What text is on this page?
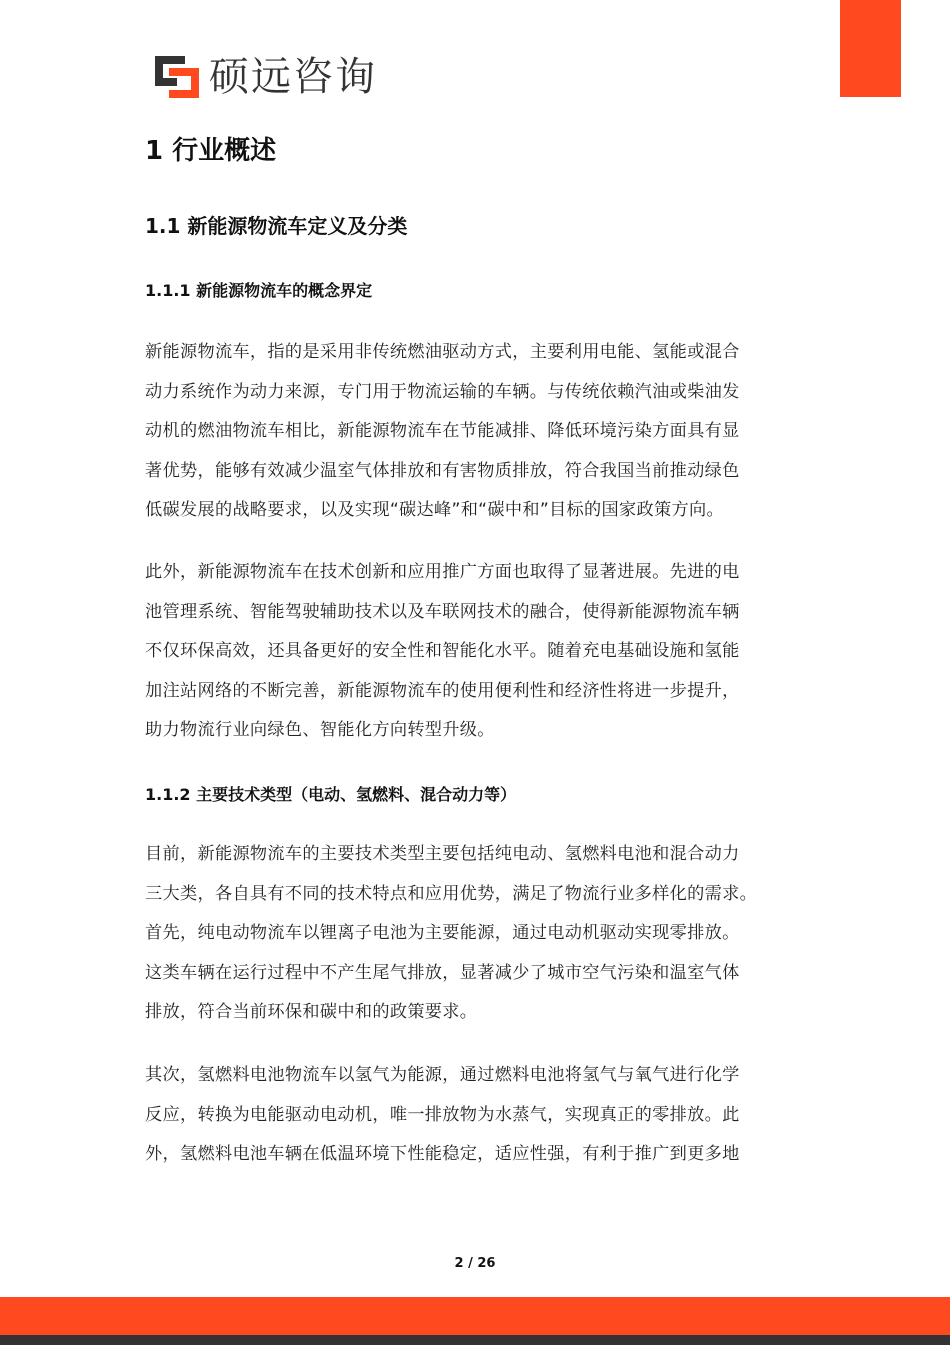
硕远咨询
1 行业概述
1.1 新能源物流车定义及分类
1.1.1 新能源物流车的概念界定
新能源物流车，指的是采用非传统燃油驱动方式，主要利用电能、氢能或混合
动力系统作为动力来源，专门用于物流运输的车辆。与传统依赖汽油或柴油发
动机的燃油物流车相比，新能源物流车在节能减排、降低环境污染方面具有显
著优势，能够有效减少温室气体排放和有害物质排放，符合我国当前推动绿色
低碳发展的战略要求，以及实现“碳达峰”和“碳中和”目标的国家政策方向。
此外，新能源物流车在技术创新和应用推广方面也取得了显著进展。先进的电
池管理系统、智能驾驶辅助技术以及车联网技术的融合，使得新能源物流车辆
不仅环保高效，还具备更好的安全性和智能化水平。随着充电基础设施和氢能
加注站网络的不断完善，新能源物流车的使用便利性和经济性将进一步提升，
助力物流行业向绿色、智能化方向转型升级。
1.1.2 主要技术类型（电动、氢燃料、混合动力等）
目前，新能源物流车的主要技术类型主要包括纯电动、氢燃料电池和混合动力
三大类，各自具有不同的技术特点和应用优势，满足了物流行业多样化的需求。
首先，纯电动物流车以锂离子电池为主要能源，通过电动机驱动实现零排放。
这类车辆在运行过程中不产生尾气排放，显著减少了城市空气污染和温室气体
排放，符合当前环保和碳中和的政策要求。
其次，氢燃料电池物流车以氢气为能源，通过燃料电池将氢气与氧气进行化学
反应，转换为电能驱动电动机，唯一排放物为水蒸气，实现真正的零排放。此
外，氢燃料电池车辆在低温环境下性能稳定，适应性强，有利于推广到更多地
2 / 26
